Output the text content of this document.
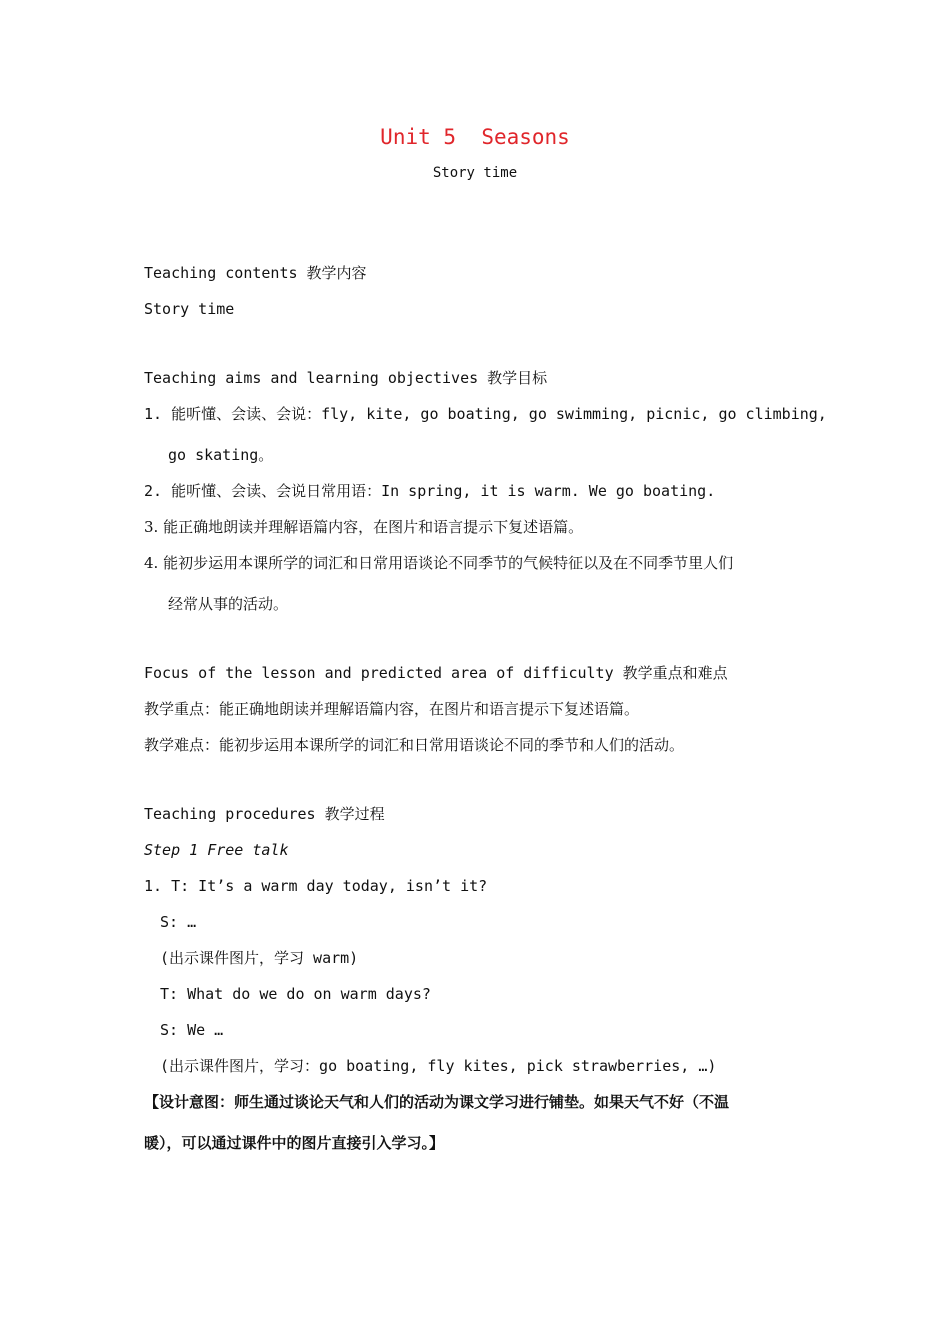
Unit 5  Seasons
Story time
Teaching contents 教学内容
Story time
Teaching aims and learning objectives 教学目标
1. 能听懂、会读、会说：fly, kite, go boating, go swimming, picnic, go climbing,
go skating。
2. 能听懂、会读、会说日常用语：In spring, it is warm. We go boating.
3. 能正确地朗读并理解语篇内容，在图片和语言提示下复述语篇。
4. 能初步运用本课所学的词汇和日常用语谈论不同季节的气候特征以及在不同季节里人们
经常从事的活动。
Focus of the lesson and predicted area of difficulty 教学重点和难点
教学重点：能正确地朗读并理解语篇内容，在图片和语言提示下复述语篇。
教学难点：能初步运用本课所学的词汇和日常用语谈论不同的季节和人们的活动。
Teaching procedures 教学过程
Step 1 Free talk
1. T: It’s a warm day today, isn’t it?
S: …
(出示课件图片，学习 warm)
T: What do we do on warm days?
S: We …
(出示课件图片，学习：go boating, fly kites, pick strawberries, …)
【设计意图：师生通过谈论天气和人们的活动为课文学习进行铺垫。如果天气不好（不温
暖），可以通过课件中的图片直接引入学习。】
